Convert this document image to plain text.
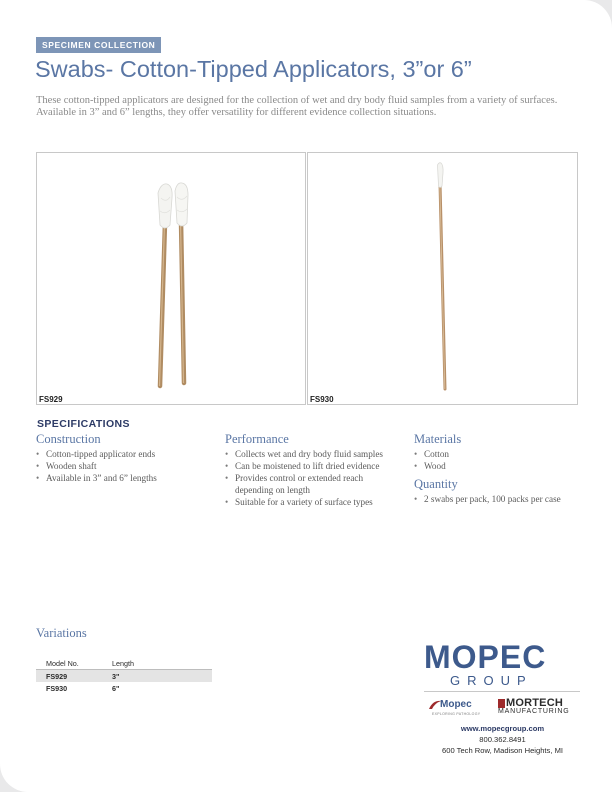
SPECIMEN COLLECTION
Swabs- Cotton-Tipped Applicators, 3”or 6”

These cotton-tipped applicators are designed for the collection of wet and dry body fluid samples from a variety of surfaces. Available in 3” and 6” lengths, they offer versatility for different evidence collection situations.

FS929	FS930
SPECIFICATIONS
Construction
• Cotton-tipped applicator ends
• Wooden shaft
• Available in 3” and 6” lengths
Performance
• Collects wet and dry body fluid samples
• Can be moistened to lift dried evidence
• Provides control or extended reach depending on length
• Suitable for a variety of surface types
Materials
• Cotton
• Wood
Quantity
• 2 swabs per pack, 100 packs per case
Variations
Model No.	Length
FS929	3"
FS930	6"
MOPEC
GROUP
Mopec
EXPLORING PATHOLOGY
MORTECH
MANUFACTURING
www.mopecgroup.com
800.362.8491
600 Tech Row, Madison Heights, MI
